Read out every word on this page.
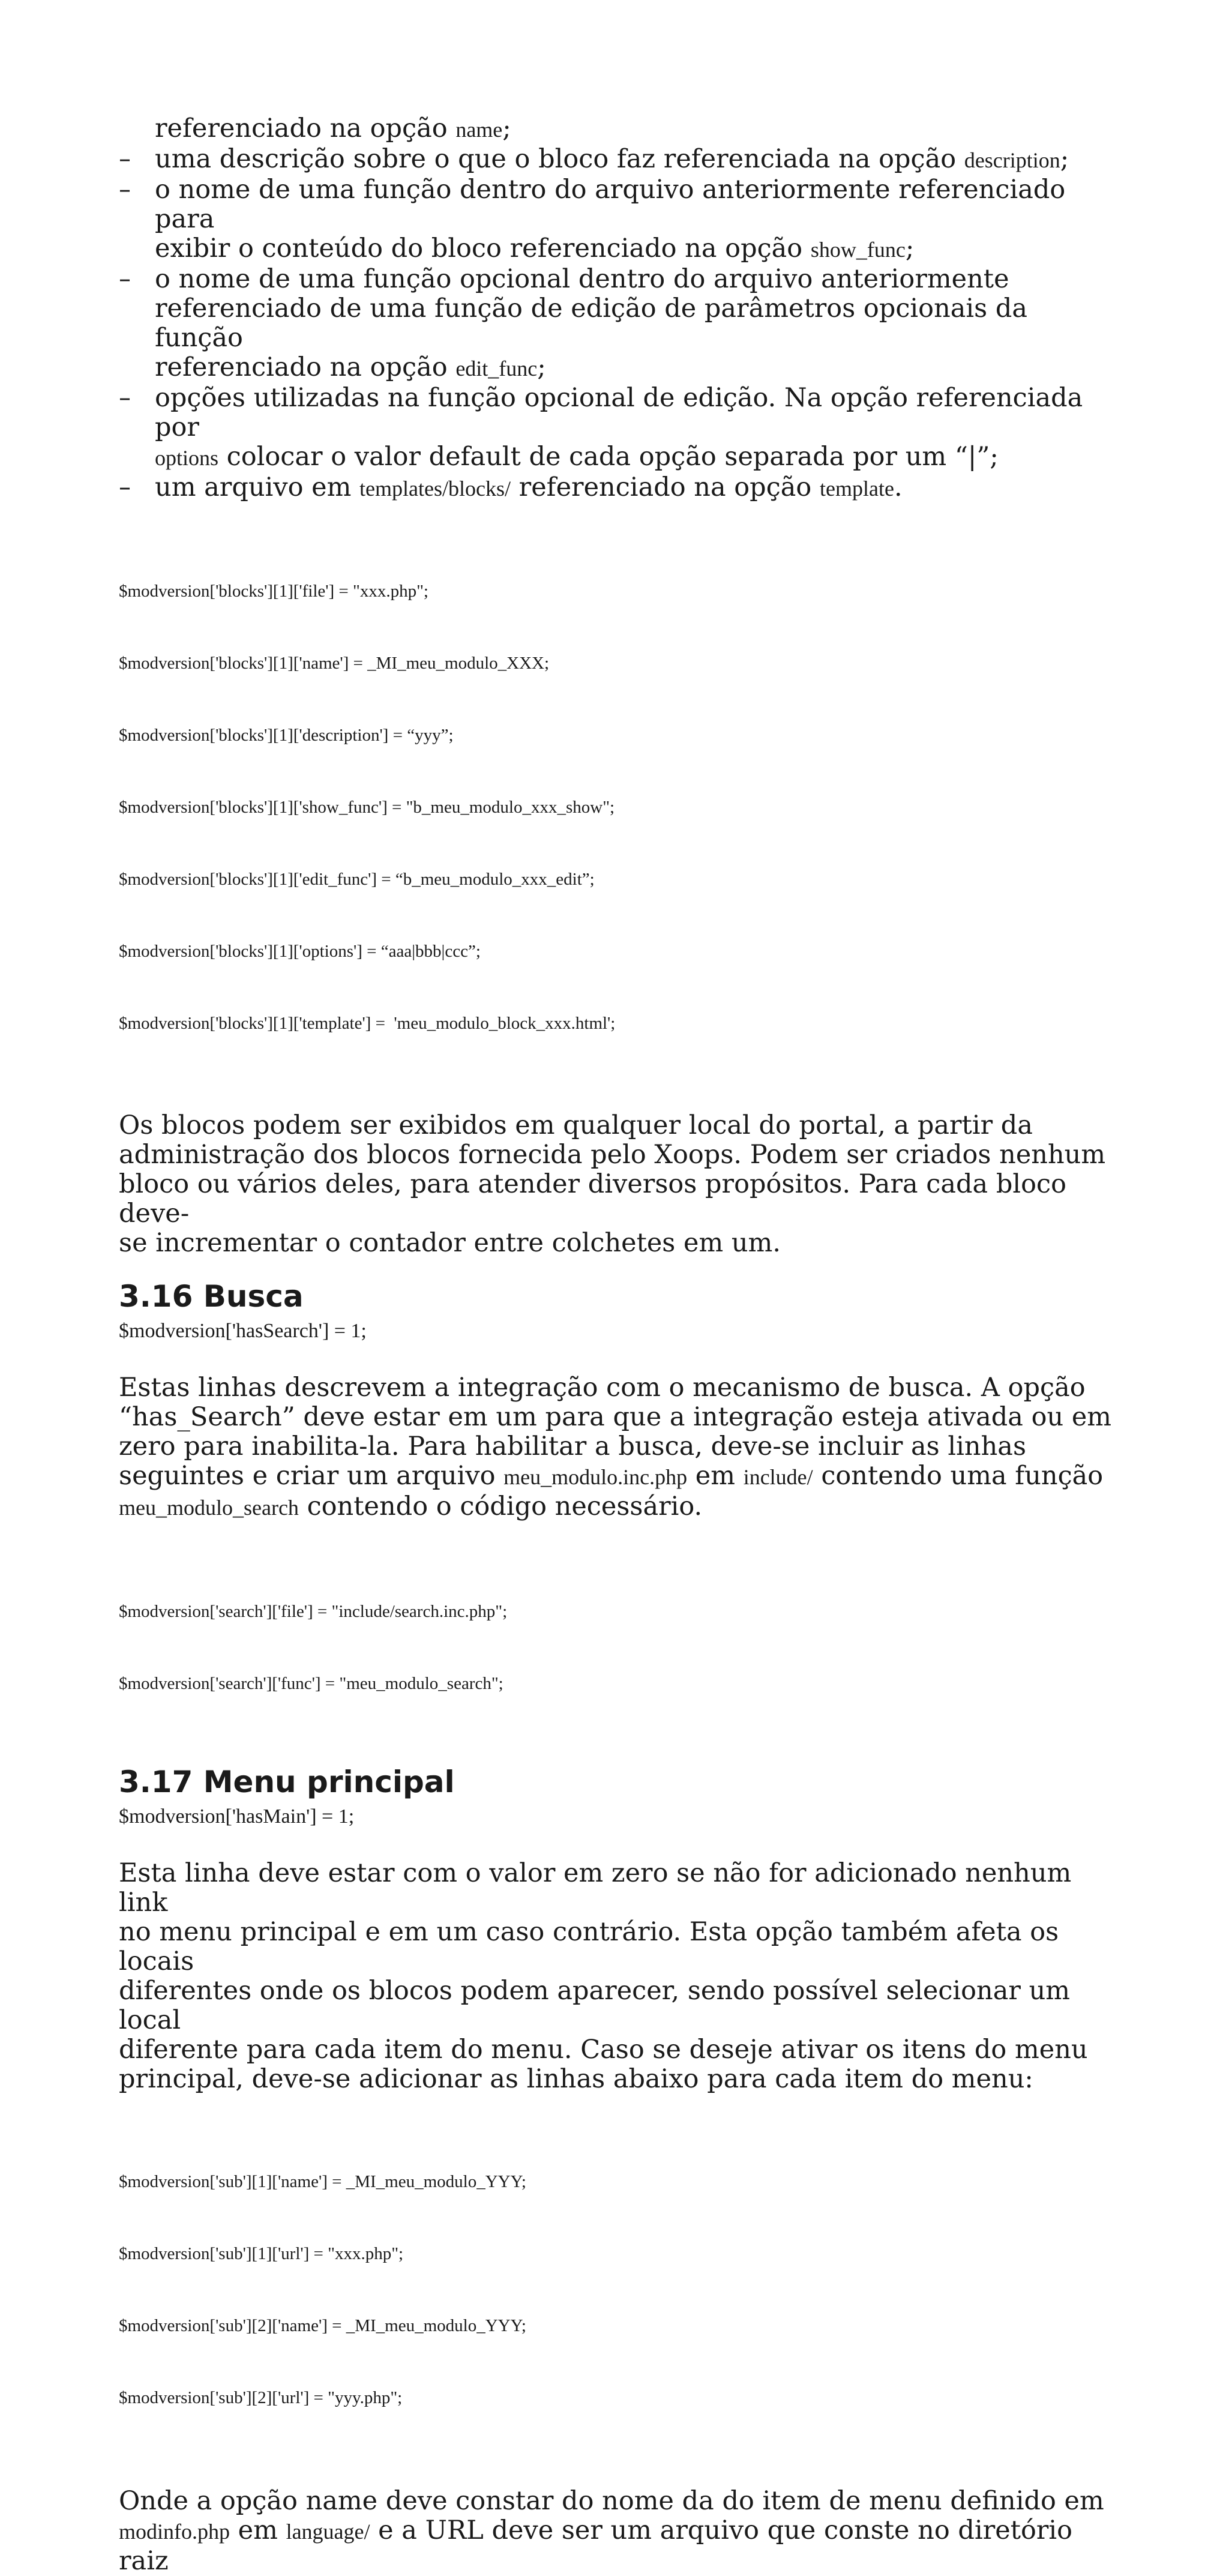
referenciado na opção name;
– uma descrição sobre o que o bloco faz referenciada na opção description;
– o nome de uma função dentro do arquivo anteriormente referenciado para
exibir o conteúdo do bloco referenciado na opção show_func;
– o nome de uma função opcional dentro do arquivo anteriormente
referenciado de uma função de edição de parâmetros opcionais da função
referenciado na opção edit_func;
– opções utilizadas na função opcional de edição. Na opção referenciada por
options colocar o valor default de cada opção separada por um “|”;
– um arquivo em templates/blocks/ referenciado na opção template.

$modversion['blocks'][1]['file'] = "xxx.php";

$modversion['blocks'][1]['name'] = _MI_meu_modulo_XXX;

$modversion['blocks'][1]['description'] = “yyy”;

$modversion['blocks'][1]['show_func'] = "b_meu_modulo_xxx_show";

$modversion['blocks'][1]['edit_func'] = “b_meu_modulo_xxx_edit”;

$modversion['blocks'][1]['options'] = “aaa|bbb|ccc”;

$modversion['blocks'][1]['template'] =  'meu_modulo_block_xxx.html';

Os blocos podem ser exibidos em qualquer local do portal, a partir da
administração dos blocos fornecida pelo Xoops. Podem ser criados nenhum
bloco ou vários deles, para atender diversos propósitos. Para cada bloco deve-
se incrementar o contador entre colchetes em um.
3.16 Busca
$modversion['hasSearch'] = 1;
Estas linhas descrevem a integração com o mecanismo de busca. A opção
“has_Search” deve estar em um para que a integração esteja ativada ou em
zero para inabilita-la. Para habilitar a busca, deve-se incluir as linhas
seguintes e criar um arquivo meu_modulo.inc.php em include/ contendo uma função
meu_modulo_search contendo o código necessário.

$modversion['search']['file'] = "include/search.inc.php";

$modversion['search']['func'] = "meu_modulo_search";

3.17 Menu principal
$modversion['hasMain'] = 1;
Esta linha deve estar com o valor em zero se não for adicionado nenhum link
no menu principal e em um caso contrário. Esta opção também afeta os locais
diferentes onde os blocos podem aparecer, sendo possível selecionar um local
diferente para cada item do menu. Caso se deseje ativar os itens do menu
principal, deve-se adicionar as linhas abaixo para cada item do menu:

$modversion['sub'][1]['name'] = _MI_meu_modulo_YYY;

$modversion['sub'][1]['url'] = "xxx.php";

$modversion['sub'][2]['name'] = _MI_meu_modulo_YYY;

$modversion['sub'][2]['url'] = "yyy.php";

Onde a opção name deve constar do nome da do item de menu definido em
modinfo.php em language/ e a URL deve ser um arquivo que conste no diretório raiz
